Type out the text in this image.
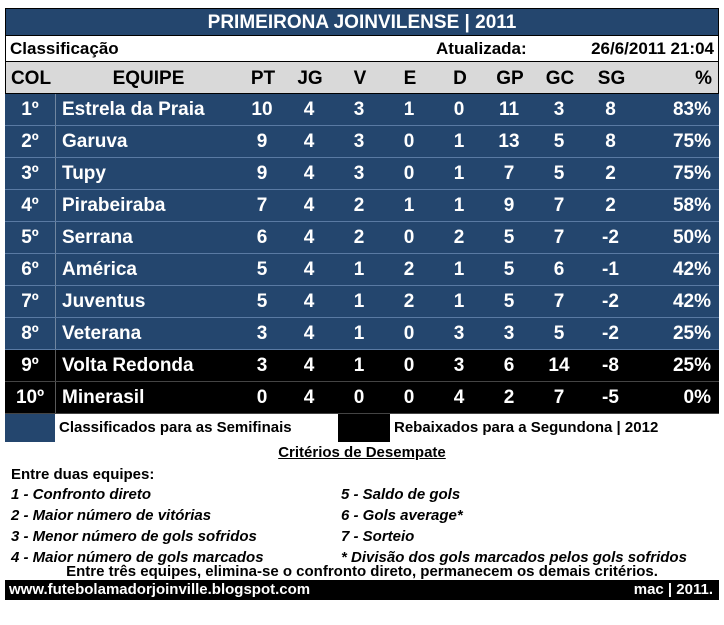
PRIMEIRONA JOINVILENSE | 2011
Classificação	Atualizada:	26/6/2011 21:04
COL	EQUIPE	PT	JG	V	E	D	GP	GC	SG	%
1º	Estrela da Praia	10	4	3	1	0	11	3	8	83%
2º	Garuva	9	4	3	0	1	13	5	8	75%
3º	Tupy	9	4	3	0	1	7	5	2	75%
4º	Pirabeiraba	7	4	2	1	1	9	7	2	58%
5º	Serrana	6	4	2	0	2	5	7	-2	50%
6º	América	5	4	1	2	1	5	6	-1	42%
7º	Juventus	5	4	1	2	1	5	7	-2	42%
8º	Veterana	3	4	1	0	3	3	5	-2	25%
9º	Volta Redonda	3	4	1	0	3	6	14	-8	25%
10º Minerasil	0	4	0	0	4	2	7	-5	0%
Classificados para as Semifinais	Rebaixados para a Segundona | 2012
Critérios de Desempate
Entre duas equipes:
1 - Confronto direto
2 - Maior número de vitórias
3 - Menor número de gols sofridos
4 - Maior número de gols marcados
5 - Saldo de gols
6 - Gols average*
7 - Sorteio
* Divisão dos gols marcados pelos gols sofridos
Entre três equipes, elimina-se o confronto direto, permanecem os demais critérios.
www.futebolamadorjoinville.blogspot.com	mac | 2011.
